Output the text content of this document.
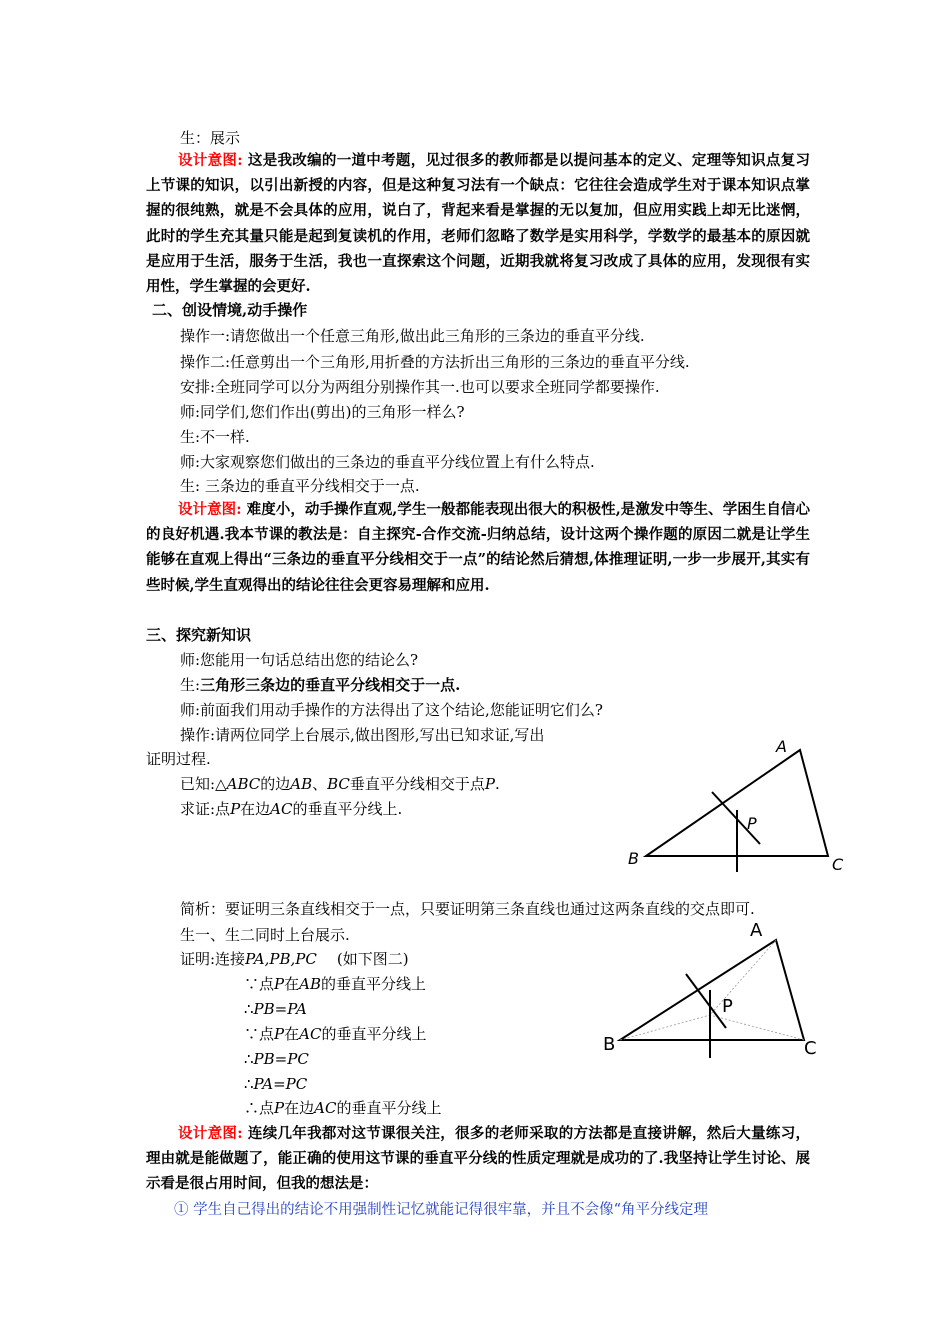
生：展示
设计意图: 这是我改编的一道中考题，见过很多的教师都是以提问基本的定义、定理等知识点复习上节课的知识，以引出新授的内容，但是这种复习法有一个缺点：它往往会造成学生对于课本知识点掌握的很纯熟，就是不会具体的应用，说白了，背起来看是掌握的无以复加，但应用实践上却无比迷惘，此时的学生充其量只能是起到复读机的作用，老师们忽略了数学是实用科学，学数学的最基本的原因就是应用于生活，服务于生活，我也一直探索这个问题，近期我就将复习改成了具体的应用，发现很有实用性，学生掌握的会更好.
二、创设情境,动手操作
操作一:请您做出一个任意三角形,做出此三角形的三条边的垂直平分线.
操作二:任意剪出一个三角形,用折叠的方法折出三角形的三条边的垂直平分线.
安排:全班同学可以分为两组分别操作其一.也可以要求全班同学都要操作.
师:同学们,您们作出(剪出)的三角形一样么?
生:不一样.
师:大家观察您们做出的三条边的垂直平分线位置上有什么特点.
生: 三条边的垂直平分线相交于一点.
设计意图: 难度小，动手操作直观,学生一般都能表现出很大的积极性,是激发中等生、学困生自信心的良好机遇.我本节课的教法是：自主探究-合作交流-归纳总结，设计这两个操作题的原因二就是让学生能够在直观上得出“三条边的垂直平分线相交于一点”的结论然后猜想,体推理证明,一步一步展开,其实有些时候,学生直观得出的结论往往会更容易理解和应用.
三、探究新知识
师:您能用一句话总结出您的结论么?
生:三角形三条边的垂直平分线相交于一点.
师:前面我们用动手操作的方法得出了这个结论,您能证明它们么?
操作:请两位同学上台展示,做出图形,写出已知求证,写出
证明过程.
已知:△ABC的边AB、BC垂直平分线相交于点P.
求证:点P在边AC的垂直平分线上.
A
B	C
P
简析：要证明三条直线相交于一点，只要证明第三条直线也通过这两条直线的交点即可.
生一、生二同时上台展示.
证明:连接PA,PB,PC (如下图二)
∵点P在AB的垂直平分线上
∴PB=PA
∵点P在AC的垂直平分线上
∴PB=PC
∴PA=PC
∴点P在边AC的垂直平分线上
A
B	C
P
设计意图: 连续几年我都对这节课很关注，很多的老师采取的方法都是直接讲解，然后大量练习，理由就是能做题了，能正确的使用这节课的垂直平分线的性质定理就是成功的了.我坚持让学生讨论、展示看是很占用时间，但我的想法是：
① 学生自己得出的结论不用强制性记忆就能记得很牢靠，并且不会像“角平分线定理
